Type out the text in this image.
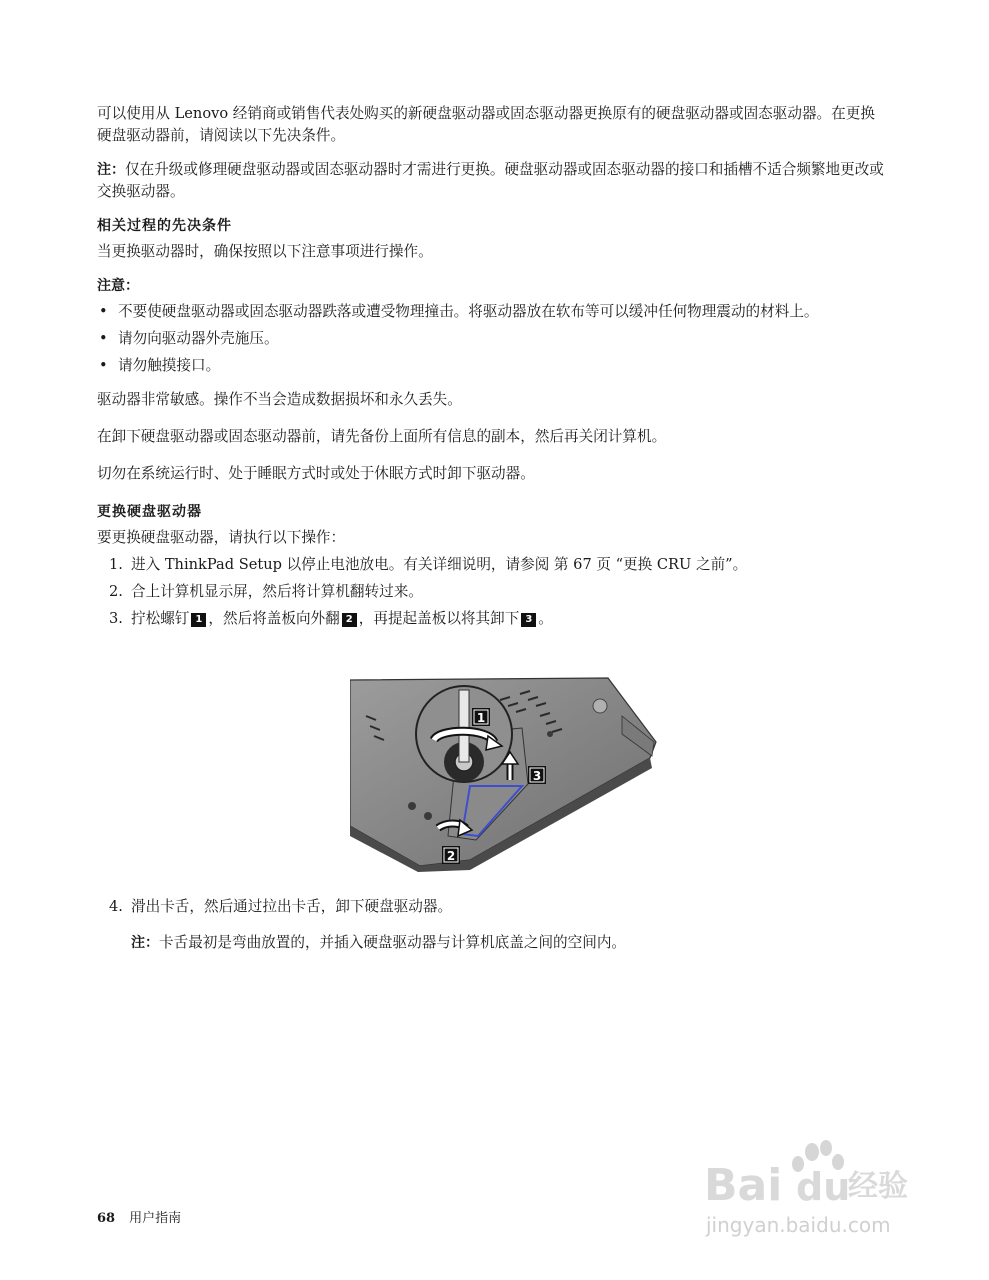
可以使用从 Lenovo 经销商或销售代表处购买的新硬盘驱动器或固态驱动器更换原有的硬盘驱动器或固态驱动器。在更换硬盘驱动器前，请阅读以下先决条件。

注：仅在升级或修理硬盘驱动器或固态驱动器时才需进行更换。硬盘驱动器或固态驱动器的接口和插槽不适合频繁地更改或交换驱动器。

相关过程的先决条件

当更换驱动器时，确保按照以下注意事项进行操作。

注意：

• 不要使硬盘驱动器或固态驱动器跌落或遭受物理撞击。将驱动器放在软布等可以缓冲任何物理震动的材料上。
• 请勿向驱动器外壳施压。
• 请勿触摸接口。

驱动器非常敏感。操作不当会造成数据损坏和永久丢失。

在卸下硬盘驱动器或固态驱动器前，请先备份上面所有信息的副本，然后再关闭计算机。

切勿在系统运行时、处于睡眠方式时或处于休眠方式时卸下驱动器。

更换硬盘驱动器

要更换硬盘驱动器，请执行以下操作：

1. 进入 ThinkPad Setup 以停止电池放电。有关详细说明，请参阅 第 67 页 “更换 CRU 之前”。
2. 合上计算机显示屏，然后将计算机翻转过来。
3. 拧松螺钉 1 ，然后将盖板向外翻 2 ，再提起盖板以将其卸下 3 。
1
3
2
4. 滑出卡舌，然后通过拉出卡舌，卸下硬盘驱动器。

注：卡舌最初是弯曲放置的，并插入硬盘驱动器与计算机底盖之间的空间内。

68 用户指南
Bai du
经验
jingyan.baidu.com
